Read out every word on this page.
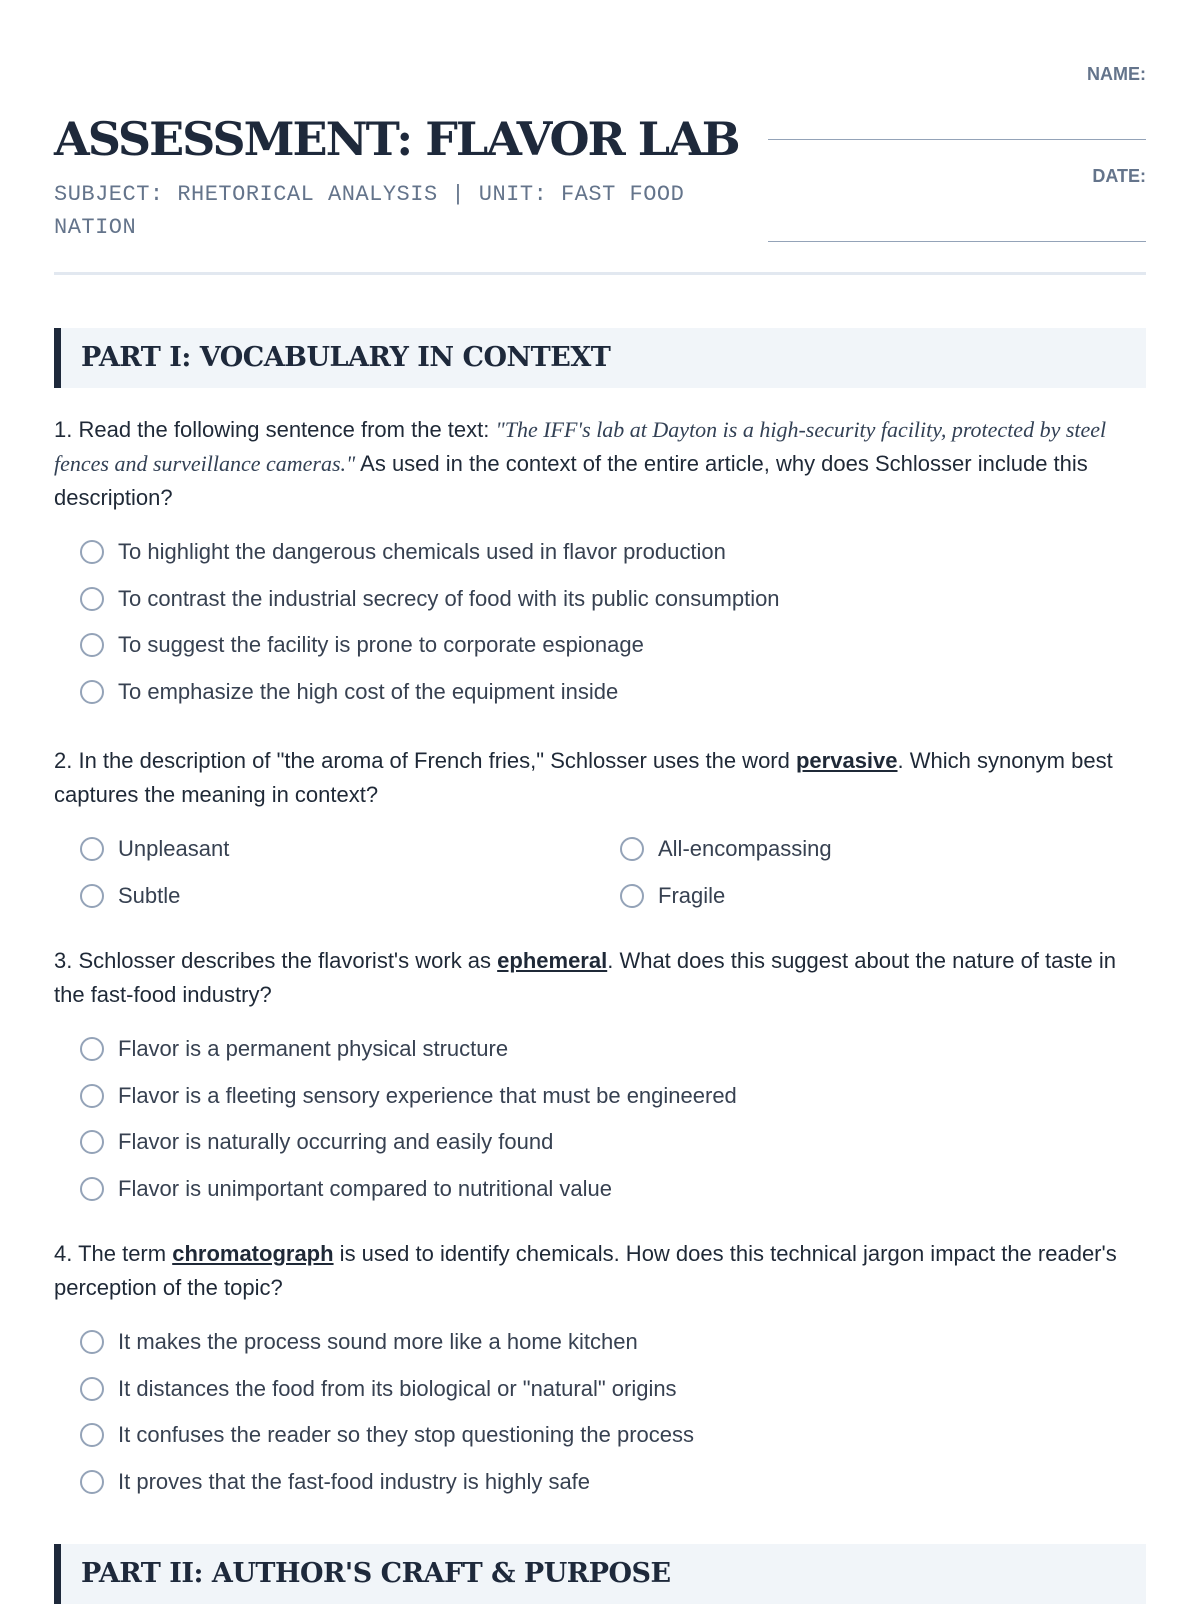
ASSESSMENT: FLAVOR LAB

SUBJECT: RHETORICAL ANALYSIS | UNIT: FAST FOOD NATION

NAME:
DATE:
PART I: VOCABULARY IN CONTEXT

1. Read the following sentence from the text: "The IFF's lab at Dayton is a high-security facility, protected by steel fences and surveillance cameras." As used in the context of the entire article, why does Schlosser include this description?

To highlight the dangerous chemicals used in flavor production
To contrast the industrial secrecy of food with its public consumption
To suggest the facility is prone to corporate espionage
To emphasize the high cost of the equipment inside

2. In the description of "the aroma of French fries," Schlosser uses the word pervasive. Which synonym best captures the meaning in context?

Unpleasant	All-encompassing
Subtle	Fragile

3. Schlosser describes the flavorist's work as ephemeral. What does this suggest about the nature of taste in the fast-food industry?

Flavor is a permanent physical structure
Flavor is a fleeting sensory experience that must be engineered
Flavor is naturally occurring and easily found
Flavor is unimportant compared to nutritional value

4. The term chromatograph is used to identify chemicals. How does this technical jargon impact the reader's perception of the topic?

It makes the process sound more like a home kitchen
It distances the food from its biological or "natural" origins
It confuses the reader so they stop questioning the process
It proves that the fast-food industry is highly safe
PART II: AUTHOR'S CRAFT & PURPOSE
